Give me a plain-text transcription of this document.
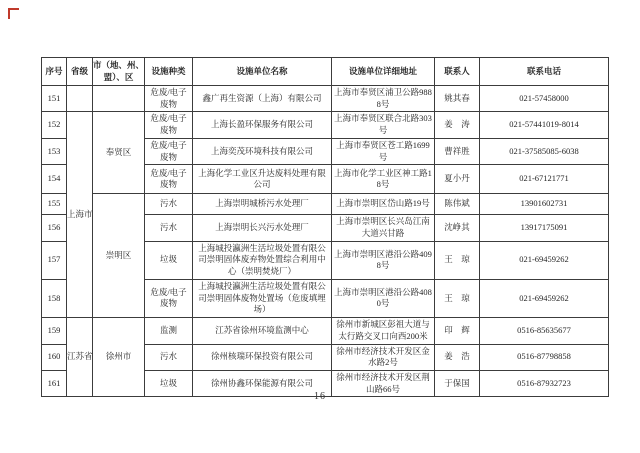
序号	省级	市（地、州、盟）、区	设施种类	设施单位名称	设施单位详细地址	联系人	联系电话
151			危废/电子废物	鑫广再生资源（上海）有限公司	上海市奉贤区浦卫公路9888号	姚其春	021-57458000
152	上海市	奉贤区	危废/电子废物	上海长盈环保服务有限公司	上海市奉贤区联合北路303号	姜　涛	021-57441019-8014
153			危废/电子废物	上海奕茂环境科技有限公司	上海市奉贤区苍工路1699号	曹祥胜	021-37585085-6038
154			危废/电子废物	上海化学工业区升达废料处理有限公司	上海市化学工业区神工路18号	夏小丹	021-67121771
155		崇明区	污水	上海崇明城桥污水处理厂	上海市崇明区岱山路19号	陈伟斌	13901602731
156			污水	上海崇明长兴污水处理厂	上海市崇明区长兴岛江南大道兴甘路	沈峥其	13917175091
157			垃圾	上海城投瀛洲生活垃圾处置有限公司崇明固体废弃物处置综合利用中心（崇明焚烧厂）	上海市崇明区港沿公路4098号	王　琼	021-69459262
158			危废/电子废物	上海城投瀛洲生活垃圾处置有限公司崇明固体废物处置场（危废填埋场）	上海市崇明区港沿公路4080号	王　琼	021-69459262
159	江苏省	徐州市	监测	江苏省徐州环境监测中心	徐州市新城区彭祖大道与太行路交叉口向西200米	印　辉	0516-85635677
160			污水	徐州核瑞环保投资有限公司	徐州市经济技术开发区金水路2号	姜　浩	0516-87798858
161			垃圾	徐州协鑫环保能源有限公司	徐州市经济技术开发区荆山路66号	于保国	0516-87932723
— 16 —
